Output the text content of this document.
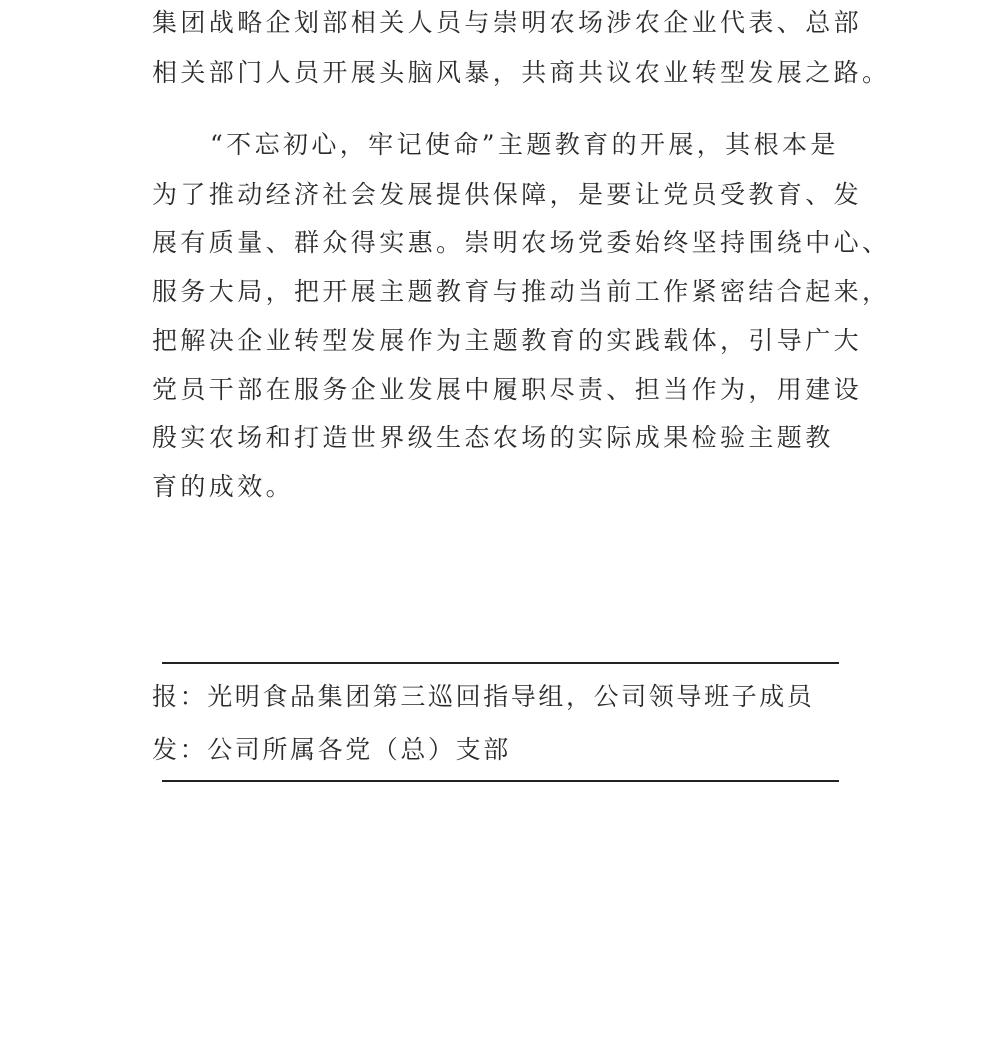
集团战略企划部相关人员与崇明农场涉农企业代表、总部
相关部门人员开展头脑风暴，共商共议农业转型发展之路。
“不忘初心，牢记使命”主题教育的开展，其根本是
为了推动经济社会发展提供保障，是要让党员受教育、发
展有质量、群众得实惠。崇明农场党委始终坚持围绕中心、
服务大局，把开展主题教育与推动当前工作紧密结合起来，
把解决企业转型发展作为主题教育的实践载体，引导广大
党员干部在服务企业发展中履职尽责、担当作为，用建设
殷实农场和打造世界级生态农场的实际成果检验主题教
育的成效。
报：光明食品集团第三巡回指导组，公司领导班子成员
发：公司所属各党（总）支部
